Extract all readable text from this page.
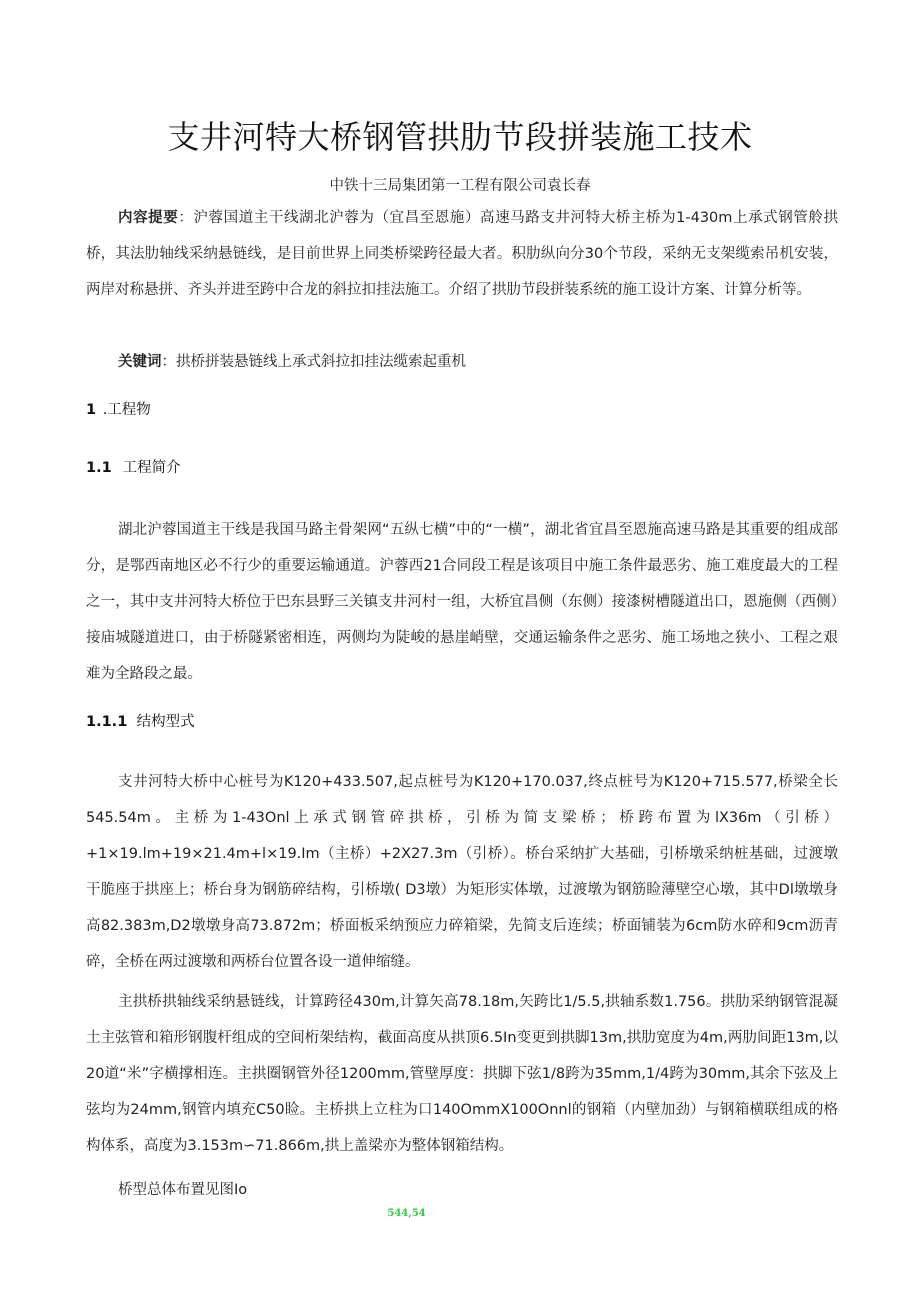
支井河特大桥钢管拱肋节段拼装施工技术
中铁十三局集团第一工程有限公司袁长春

内容提要：沪蓉国道主干线湖北沪蓉为（宜昌至恩施）高速马路支井河特大桥主桥为1-430m上承式钢管舲拱桥，其法肋轴线采纳悬链线，是目前世界上同类桥梁跨径最大者。积肋纵向分30个节段，采纳无支架缆索吊机安装，两岸对称悬拼、齐头并进至跨中合龙的斜拉扣挂法施工。介绍了拱肋节段拼装系统的施工设计方案、计算分析等。

关键词：拱桥拼装悬链线上承式斜拉扣挂法缆索起重机

1 .工程物
1.1 工程简介

湖北沪蓉国道主干线是我国马路主骨架网“五纵七横”中的“一横”，湖北省宜昌至恩施高速马路是其重要的组成部分，是鄂西南地区必不行少的重要运输通道。沪蓉西21合同段工程是该项目中施工条件最恶劣、施工难度最大的工程之一，其中支井河特大桥位于巴东县野三关镇支井河村一组，大桥宜昌侧（东侧）接漆树槽隧道出口，恩施侧（西侧）接庙城隧道进口，由于桥隧紧密相连，两侧均为陡峻的悬崖峭壁，交通运输条件之恶劣、施工场地之狭小、工程之艰难为全路段之最。

1.1.1 结构型式

支井河特大桥中心桩号为K120+433.507,起点桩号为K120+170.037,终点桩号为K120+715.577,桥梁全长545.54m。主桥为1-43Onl上承式钢管碎拱桥，引桥为简支梁桥；桥跨布置为lX36m（引桥）+1×19.lm+19×21.4m+l×19.Im（主桥）+2X27.3m（引桥）。桥台采纳扩大基础，引桥墩采纳桩基础，过渡墩干脆座于拱座上；桥台身为钢筋碎结构，引桥墩( D3墩）为矩形实体墩，过渡墩为钢筋睑薄壁空心墩，其中Dl墩墩身高82.383m,D2墩墩身高73.872m；桥面板采纳预应力碎箱梁，先简支后连续；桥面铺装为6cm防水碎和9cm沥青碎，全桥在两过渡墩和两桥台位置各设一道伸缩缝。

主拱桥拱轴线采纳悬链线，计算跨径430m,计算矢高78.18m,矢跨比1/5.5,拱轴系数1.756。拱肋采纳钢管混凝土主弦管和箱形钢腹杆组成的空间桁架结构，截面高度从拱顶6.5In变更到拱脚13m,拱肋宽度为4m,两肋间距13m,以20道“米”字横撑相连。主拱圈钢管外径1200mm,管壁厚度：拱脚下弦1/8跨为35mm,1/4跨为30mm,其余下弦及上弦均为24mm,钢管内填充C50睑。主桥拱上立柱为口140OmmX100Onnl的钢箱（内壁加劲）与钢箱横联组成的格构体系，高度为3.153m∽71.866m,拱上盖梁亦为整体钢箱结构。

桥型总体布置见图Io

544,54
